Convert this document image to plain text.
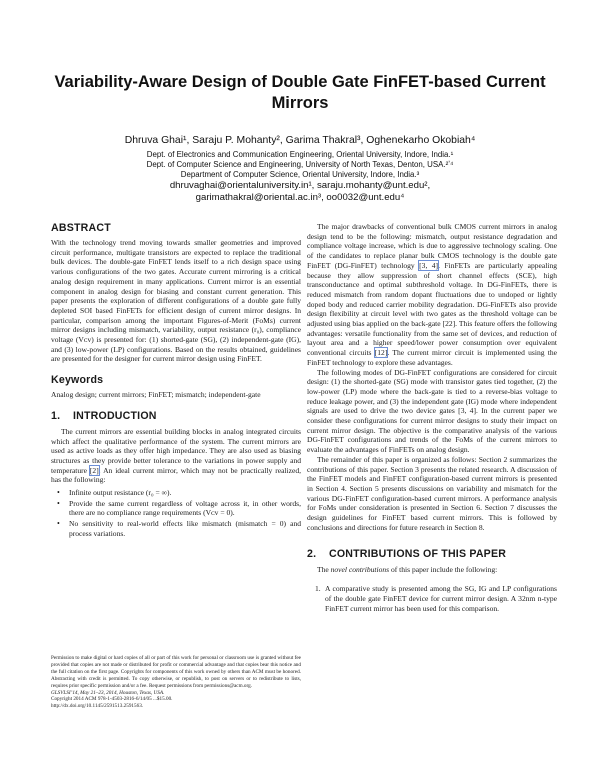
Variability-Aware Design of Double Gate FinFET-based Current Mirrors
Dhruva Ghai¹, Saraju P. Mohanty², Garima Thakral³, Oghenekarho Okobiah⁴
Dept. of Electronics and Communication Engineering, Oriental University, Indore, India.¹
Dept. of Computer Science and Engineering, University of North Texas, Denton, USA.²ʼ⁴
Department of Computer Science, Oriental University, Indore, India.³
dhruvaghai@orientaluniversity.in¹, saraju.mohanty@unt.edu²,
garimathakral@oriental.ac.in³, oo0032@unt.edu⁴
ABSTRACT

With the technology trend moving towards smaller geometries and improved circuit performance, multigate transistors are expected to replace the traditional bulk devices. The double-gate FinFET lends itself to a rich design space using various configurations of the two gates. Accurate current mirroring is a critical analog design requirement in many applications. Current mirror is an essential component in analog design for biasing and constant current generation. This paper presents the exploration of different configurations of a double gate fully depleted SOI based FinFETs for efficient design of current mirror designs. In particular, comparison among the important Figures-of-Merit (FoMs) current mirror designs including mismatch, variability, output resistance (r₀), compliance voltage (Vᴄᴠ) is presented for: (1) shorted-gate (SG), (2) independent-gate (IG), and (3) low-power (LP) configurations. Based on the results obtained, guidelines are presented for the designer for current mirror design using FinFET.

Keywords

Analog design; current mirrors; FinFET; mismatch; independent-gate

1. INTRODUCTION

The current mirrors are essential building blocks in analog integrated circuits which affect the qualitative performance of the system. The current mirrors are used as active loads as they offer high impedance. They are also used as biasing structures as they provide better tolerance to the variations in power supply and temperature [2]. An ideal current mirror, which may not be practically realized, has the following:

• Infinite output resistance (r₀ = ∞).
• Provide the same current regardless of voltage across it, in other words, there are no compliance range requirements (Vᴄᴠ = 0).
• No sensitivity to real-world effects like mismatch (mismatch = 0) and process variations.

Permission to make digital or hard copies of all or part of this work for personal or classroom use is granted without fee provided that copies are not made or distributed for profit or commercial advantage and that copies bear this notice and the full citation on the first page. Copyrights for components of this work owned by others than ACM must be honored. Abstracting with credit is permitted. To copy otherwise, or republish, to post on servers or to redistribute to lists, requires prior specific permission and/or a fee. Request permissions from permissions@acm.org.

GLSVLSI’14, May 21–23, 2014, Houston, Texas, USA.

Copyright 2014 ACM 978-1-4503-2816-6/14/05 ...$15.00.

http://dx.doi.org/10.1145/2591513.2591563.

The major drawbacks of conventional bulk CMOS current mirrors in analog design tend to be the following: mismatch, output resistance degradation and compliance voltage increase, which is due to aggressive technology scaling. One of the candidates to replace planar bulk CMOS technology is the double gate FinFET (DG-FinFET) technology [3, 4]. FinFETs are particularly appealing because they allow suppression of short channel effects (SCE), high transconductance and optimal subthreshold voltage. In DG-FinFETs, there is reduced mismatch from random dopant fluctuations due to undoped or lightly doped body and reduced carrier mobility degradation. DG-FinFETs also provide design flexibility at circuit level with two gates as the threshold voltage can be adjusted using bias applied on the back-gate [22]. This feature offers the following advantages: versatile functionality from the same set of devices, and reduction of layout area and a higher speed/lower power consumption over equivalent conventional circuits [12]. The current mirror circuit is implemented using the FinFET technology to explore these advantages.

The following modes of DG-FinFET configurations are considered for circuit design: (1) the shorted-gate (SG) mode with transistor gates tied together, (2) the low-power (LP) mode where the back-gate is tied to a reverse-bias voltage to reduce leakage power, and (3) the independent gate (IG) mode where independent signals are used to drive the two device gates [3, 4]. In the current paper we consider these configurations for current mirror designs to study their impact on current mirror design. The objective is the comparative analysis of the various DG-FinFET configurations and trends of the FoMs of the current mirrors to evaluate the advantages of FinFETs on analog design.

The remainder of this paper is organized as follows: Section 2 summarizes the contributions of this paper. Section 3 presents the related research. A discussion of the FinFET models and FinFET configuration-based current mirrors is presented in Section 4. Section 5 presents discussions on variability and mismatch for the various DG-FinFET configuration-based current mirrors. A performance analysis for FoMs under consideration is presented in Section 6. Section 7 discusses the design guidelines for FinFET based current mirrors. This is followed by conclusions and directions for future research in Section 8.

2. CONTRIBUTIONS OF THIS PAPER

The novel contributions of this paper include the following:

1. A comparative study is presented among the SG, IG and LP configurations of the double gate FinFET device for current mirror design. A 32nm n-type FinFET current mirror has been used for this comparison.
